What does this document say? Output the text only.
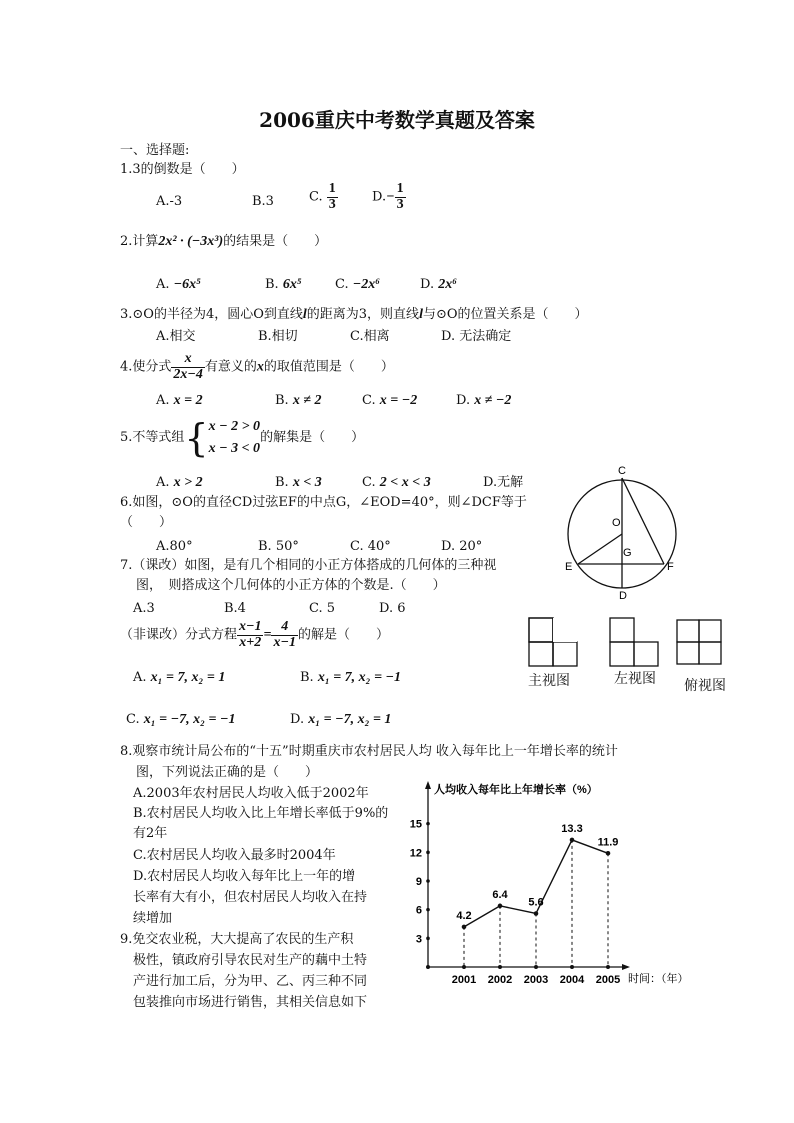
2006重庆中考数学真题及答案
一、选择题:
1.3的倒数是（　　）
A.-3	B.3	C. $\frac{1}{3}$	$D.- \frac{1}{3}$
2.计算2x² · (−3x³)的结果是（　　）
A. −6x⁵	B. 6x⁵	C. −2x⁶	D. 2x⁶
3.⊙O的半径为4，圆心O到直线l的距离为3，则直线l与⊙O的位置关系是（　　）
A.相交	B.相切	C.相离	D. 无法确定
4.使分式 $\frac{x}{2x-4}$ 有意义的x的取值范围是（　　）
A. x = 2	B. x ≠ 2	C. x = −2	D. x ≠ −2
5.不等式组{ x − 2 > 0
x − 3 < 0
的解集是（　　）
A. x > 2	B. x < 3	C. 2 < x < 3	D.无解
6.如图，⊙O的直径CD过弦EF的中点G，∠EOD=40°，则∠DCF等于
（　　）
A.80°	B. 50°	C. 40°	D. 20°
C
O
G
E	F
D
7.（课改）如图，是有几个相同的小正方体搭成的几何体的三种视
图，　则搭成这个几何体的小正方体的个数是.（　　）
A.3	B.4	C. 5	D. 6
（非课改）分式方程 $\frac{x-1}{x+2} = \frac{4}{x-1}$ 的解是（　　）
A. x₁ = 7, x₂ = 1	B. x₁ = 7, x₂ = −1
C. x₁ = −7, x₂ = −1	D. x₁ = −7, x₂ = 1
主视图	左视图 俯视图
8.观察市统计局公布的“十五”时期重庆市农村居民人均 收入每年比上一年增长率的统计
图，下列说法正确的是（　　）
A.2003年农村居民人均收入低于2002年
B.农村居民人均收入比上年增长率低于9%的
有2年
C.农村居民人均收入最多时2004年
D.农村居民人均收入每年比上一年的增
长率有大有小，但农村居民人均收入在持
续增加
9.免交农业税，大大提高了农民的生产积
极性，镇政府引导农民对生产的藕中土特
产进行加工后，分为甲、乙、丙三种不同
包装推向市场进行销售，其相关信息如下
人均收入每年比上年增长率（%）
时间：（年）
3
6
9
12
15
2001 2002 2003 2004 2005
4.2
6.4
5.6
13.3
11.9
